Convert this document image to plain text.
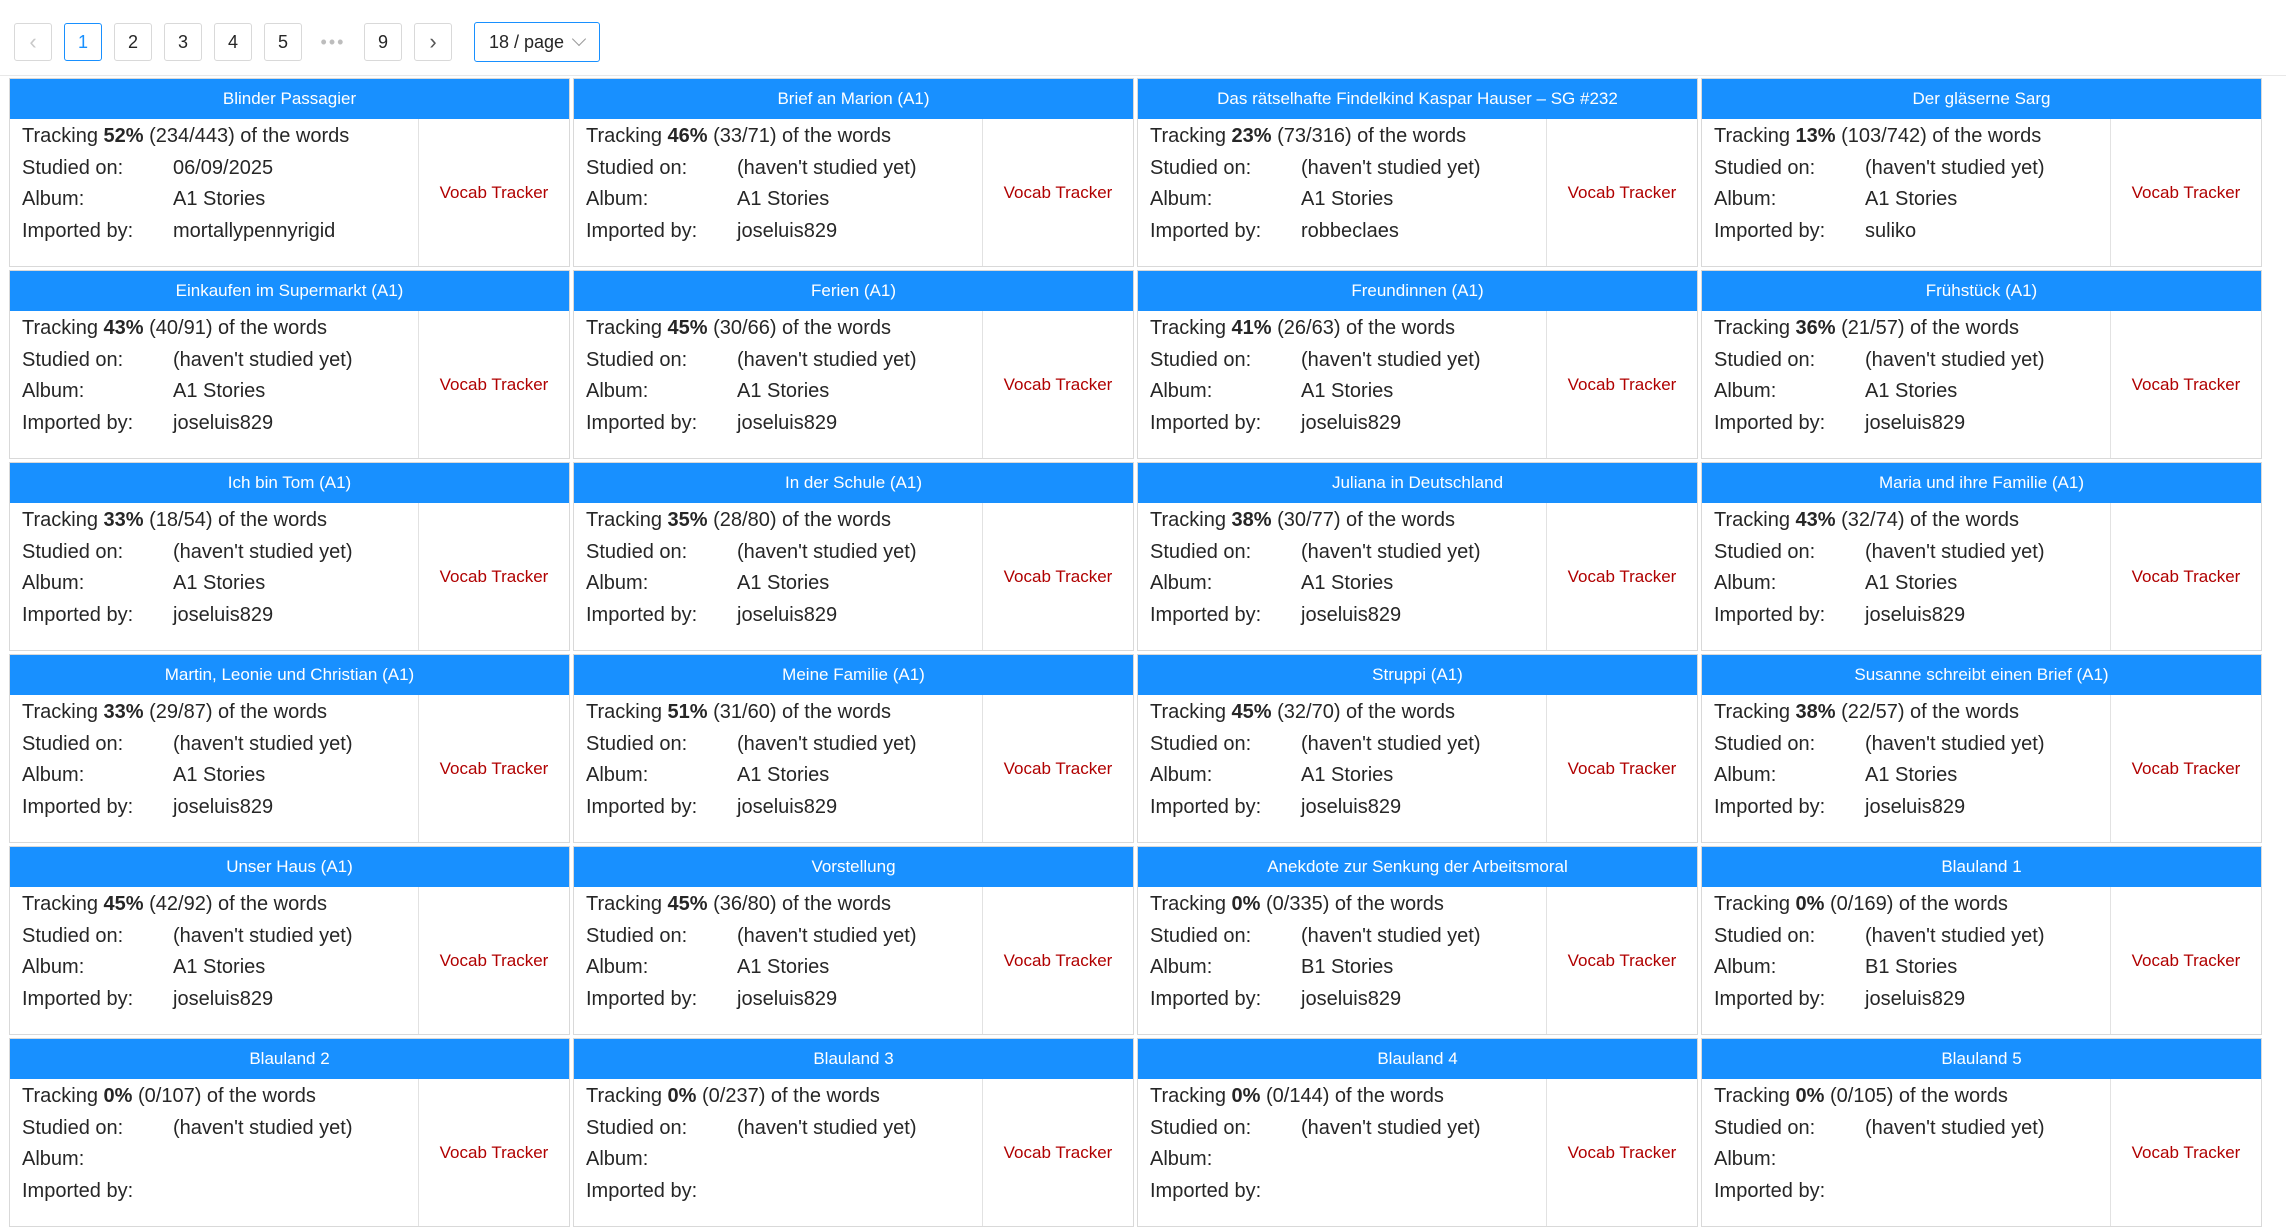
‹	1	2	3	4	5	•••	9	›	18 / page
Blinder Passagier
Tracking
52%
(234/443)
of the words
Studied on:	06/09/2025
Album:	A1 Stories
Imported by:	mortallypennyrigid
Vocab Tracker
Brief an Marion (A1)
Tracking
46%
(33/71)
of the words
Studied on:	(haven't studied yet)
Album:	A1 Stories
Imported by:	joseluis829
Vocab Tracker
Das rätselhafte Findelkind Kaspar Hauser – SG #232
Tracking
23%
(73/316)
of the words
Studied on:	(haven't studied yet)
Album:	A1 Stories
Imported by:	robbeclaes
Vocab Tracker
Der gläserne Sarg
Tracking
13%
(103/742)
of the words
Studied on:	(haven't studied yet)
Album:	A1 Stories
Imported by:	suliko
Vocab Tracker
Einkaufen im Supermarkt (A1)
Tracking
43%
(40/91)
of the words
Studied on:	(haven't studied yet)
Album:	A1 Stories
Imported by:	joseluis829
Vocab Tracker
Ferien (A1)
Tracking
45%
(30/66)
of the words
Studied on:	(haven't studied yet)
Album:	A1 Stories
Imported by:	joseluis829
Vocab Tracker
Freundinnen (A1)
Tracking
41%
(26/63)
of the words
Studied on:	(haven't studied yet)
Album:	A1 Stories
Imported by:	joseluis829
Vocab Tracker
Frühstück (A1)
Tracking
36%
(21/57)
of the words
Studied on:	(haven't studied yet)
Album:	A1 Stories
Imported by:	joseluis829
Vocab Tracker
Ich bin Tom (A1)
Tracking
33%
(18/54)
of the words
Studied on:	(haven't studied yet)
Album:	A1 Stories
Imported by:	joseluis829
Vocab Tracker
In der Schule (A1)
Tracking
35%
(28/80)
of the words
Studied on:	(haven't studied yet)
Album:	A1 Stories
Imported by:	joseluis829
Vocab Tracker
Juliana in Deutschland
Tracking
38%
(30/77)
of the words
Studied on:	(haven't studied yet)
Album:	A1 Stories
Imported by:	joseluis829
Vocab Tracker
Maria und ihre Familie (A1)
Tracking
43%
(32/74)
of the words
Studied on:	(haven't studied yet)
Album:	A1 Stories
Imported by:	joseluis829
Vocab Tracker
Martin, Leonie und Christian (A1)
Tracking
33%
(29/87)
of the words
Studied on:	(haven't studied yet)
Album:	A1 Stories
Imported by:	joseluis829
Vocab Tracker
Meine Familie (A1)
Tracking
51%
(31/60)
of the words
Studied on:	(haven't studied yet)
Album:	A1 Stories
Imported by:	joseluis829
Vocab Tracker
Struppi (A1)
Tracking
45%
(32/70)
of the words
Studied on:	(haven't studied yet)
Album:	A1 Stories
Imported by:	joseluis829
Vocab Tracker
Susanne schreibt einen Brief (A1)
Tracking
38%
(22/57)
of the words
Studied on:	(haven't studied yet)
Album:	A1 Stories
Imported by:	joseluis829
Vocab Tracker
Unser Haus (A1)
Tracking
45%
(42/92)
of the words
Studied on:	(haven't studied yet)
Album:	A1 Stories
Imported by:	joseluis829
Vocab Tracker
Vorstellung
Tracking
45%
(36/80)
of the words
Studied on:	(haven't studied yet)
Album:	A1 Stories
Imported by:	joseluis829
Vocab Tracker
Anekdote zur Senkung der Arbeitsmoral
Tracking
0%
(0/335)
of the words
Studied on:	(haven't studied yet)
Album:	B1 Stories
Imported by:	joseluis829
Vocab Tracker
Blauland 1
Tracking
0%
(0/169)
of the words
Studied on:	(haven't studied yet)
Album:	B1 Stories
Imported by:	joseluis829
Vocab Tracker
Blauland 2
Tracking
0%
(0/107)
of the words
Studied on:	(haven't studied yet)
Album:
Imported by:
Vocab Tracker
Blauland 3
Tracking
0%
(0/237)
of the words
Studied on:	(haven't studied yet)
Album:
Imported by:
Vocab Tracker
Blauland 4
Tracking
0%
(0/144)
of the words
Studied on:	(haven't studied yet)
Album:
Imported by:
Vocab Tracker
Blauland 5
Tracking
0%
(0/105)
of the words
Studied on:	(haven't studied yet)
Album:
Imported by:
Vocab Tracker
